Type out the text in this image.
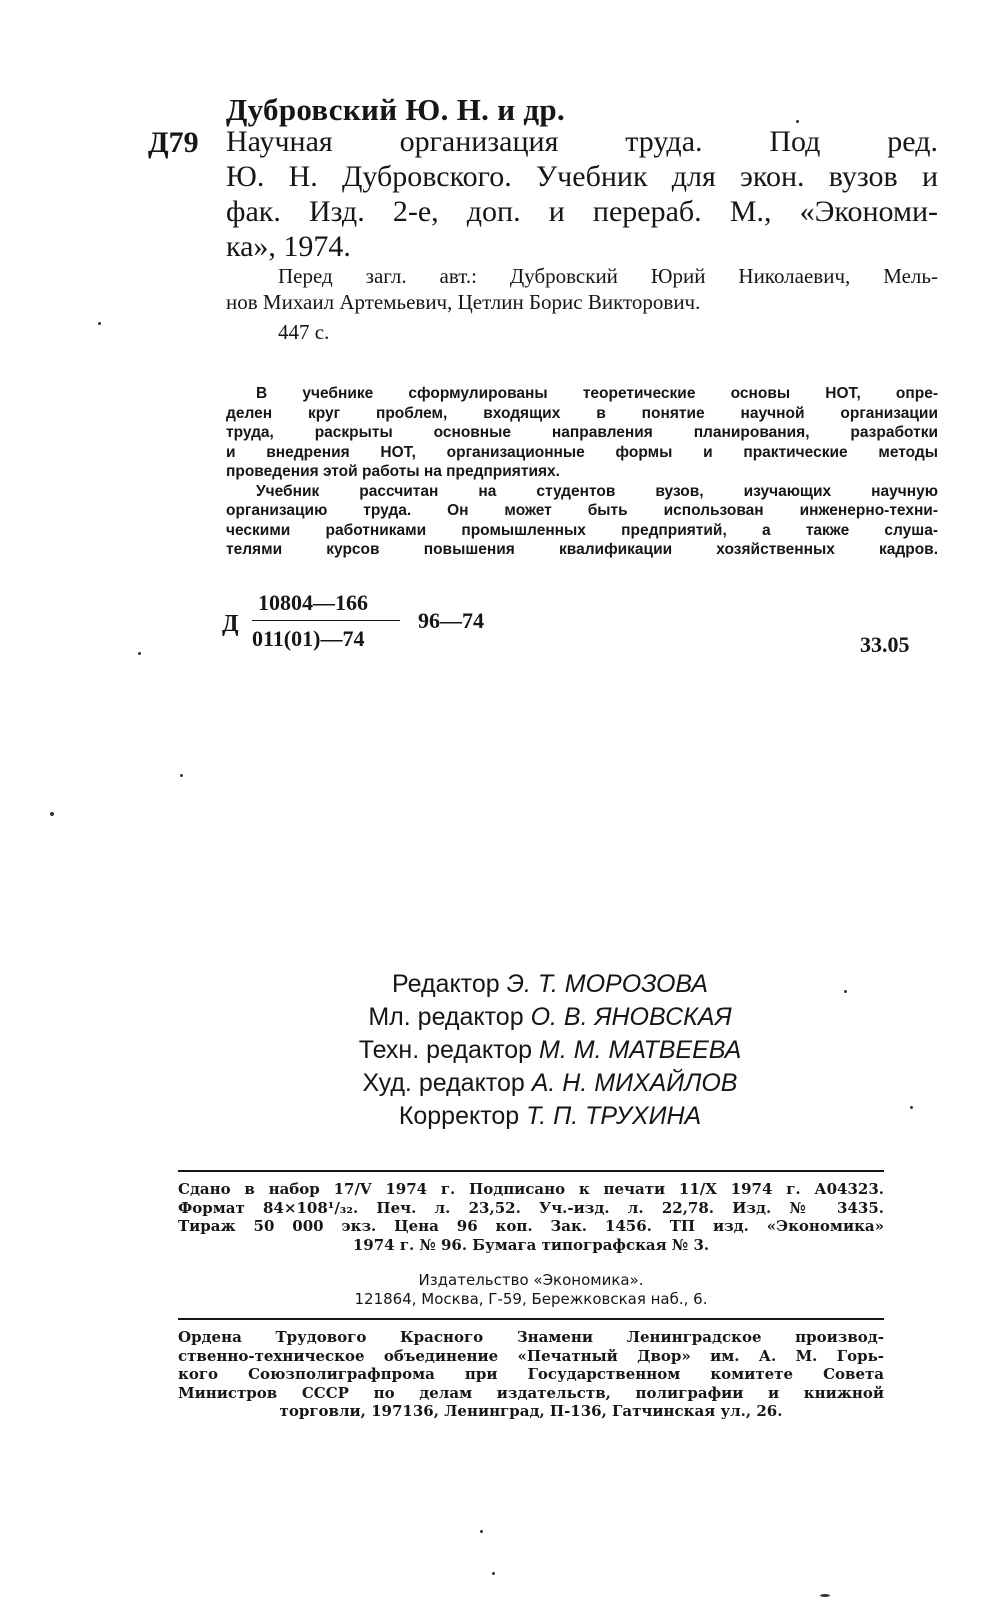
Дубровский Ю. Н. и др.
Д79 Научная организация труда. Под ред.
Ю. Н. Дубровского. Учебник для экон. вузов и
фак. Изд. 2-е, доп. и перераб. М., «Экономи-
ка», 1974.
Перед загл. авт.: Дубровский Юрий Николаевич, Мель-
нов Михаил Артемьевич, Цетлин Борис Викторович.
447 с.
В учебнике сформулированы теоретические основы НОТ, опре-
делен круг проблем, входящих в понятие научной организации
труда, раскрыты основные направления планирования, разработки
и внедрения НОТ, организационные формы и практические методы
проведения этой работы на предприятиях.
Учебник рассчитан на студентов вузов, изучающих научную
организацию труда. Он может быть использован инженерно-техни-
ческими работниками промышленных предприятий, а также слуша-
телями курсов повышения квалификации хозяйственных кадров.
Д
10804—166
011(01)—74
96—74
33.05
Редактор Э. Т. МОРОЗОВА
Мл. редактор О. В. ЯНОВСКАЯ
Техн. редактор М. М. МАТВЕЕВА
Худ. редактор А. Н. МИХАЙЛОВ
Корректор Т. П. ТРУХИНА
Сдано в набор 17/V 1974 г. Подписано к печати 11/X 1974 г. А04323.
Формат 84×108¹/₃₂. Печ. л. 23,52. Уч.-изд. л. 22,78. Изд. № 3435.
Тираж 50 000 экз. Цена 96 коп. Зак. 1456. ТП изд. «Экономика»
1974 г. № 96. Бумага типографская № 3.
Издательство «Экономика».
121864, Москва, Г-59, Бережковская наб., 6.
Ордена Трудового Красного Знамени Ленинградское производ-
ственно-техническое объединение «Печатный Двор» им. А. М. Горь-
кого Союзполиграфпрома при Государственном комитете Совета
Министров СССР по делам издательств, полиграфии и книжной
торговли, 197136, Ленинград, П-136, Гатчинская ул., 26.
